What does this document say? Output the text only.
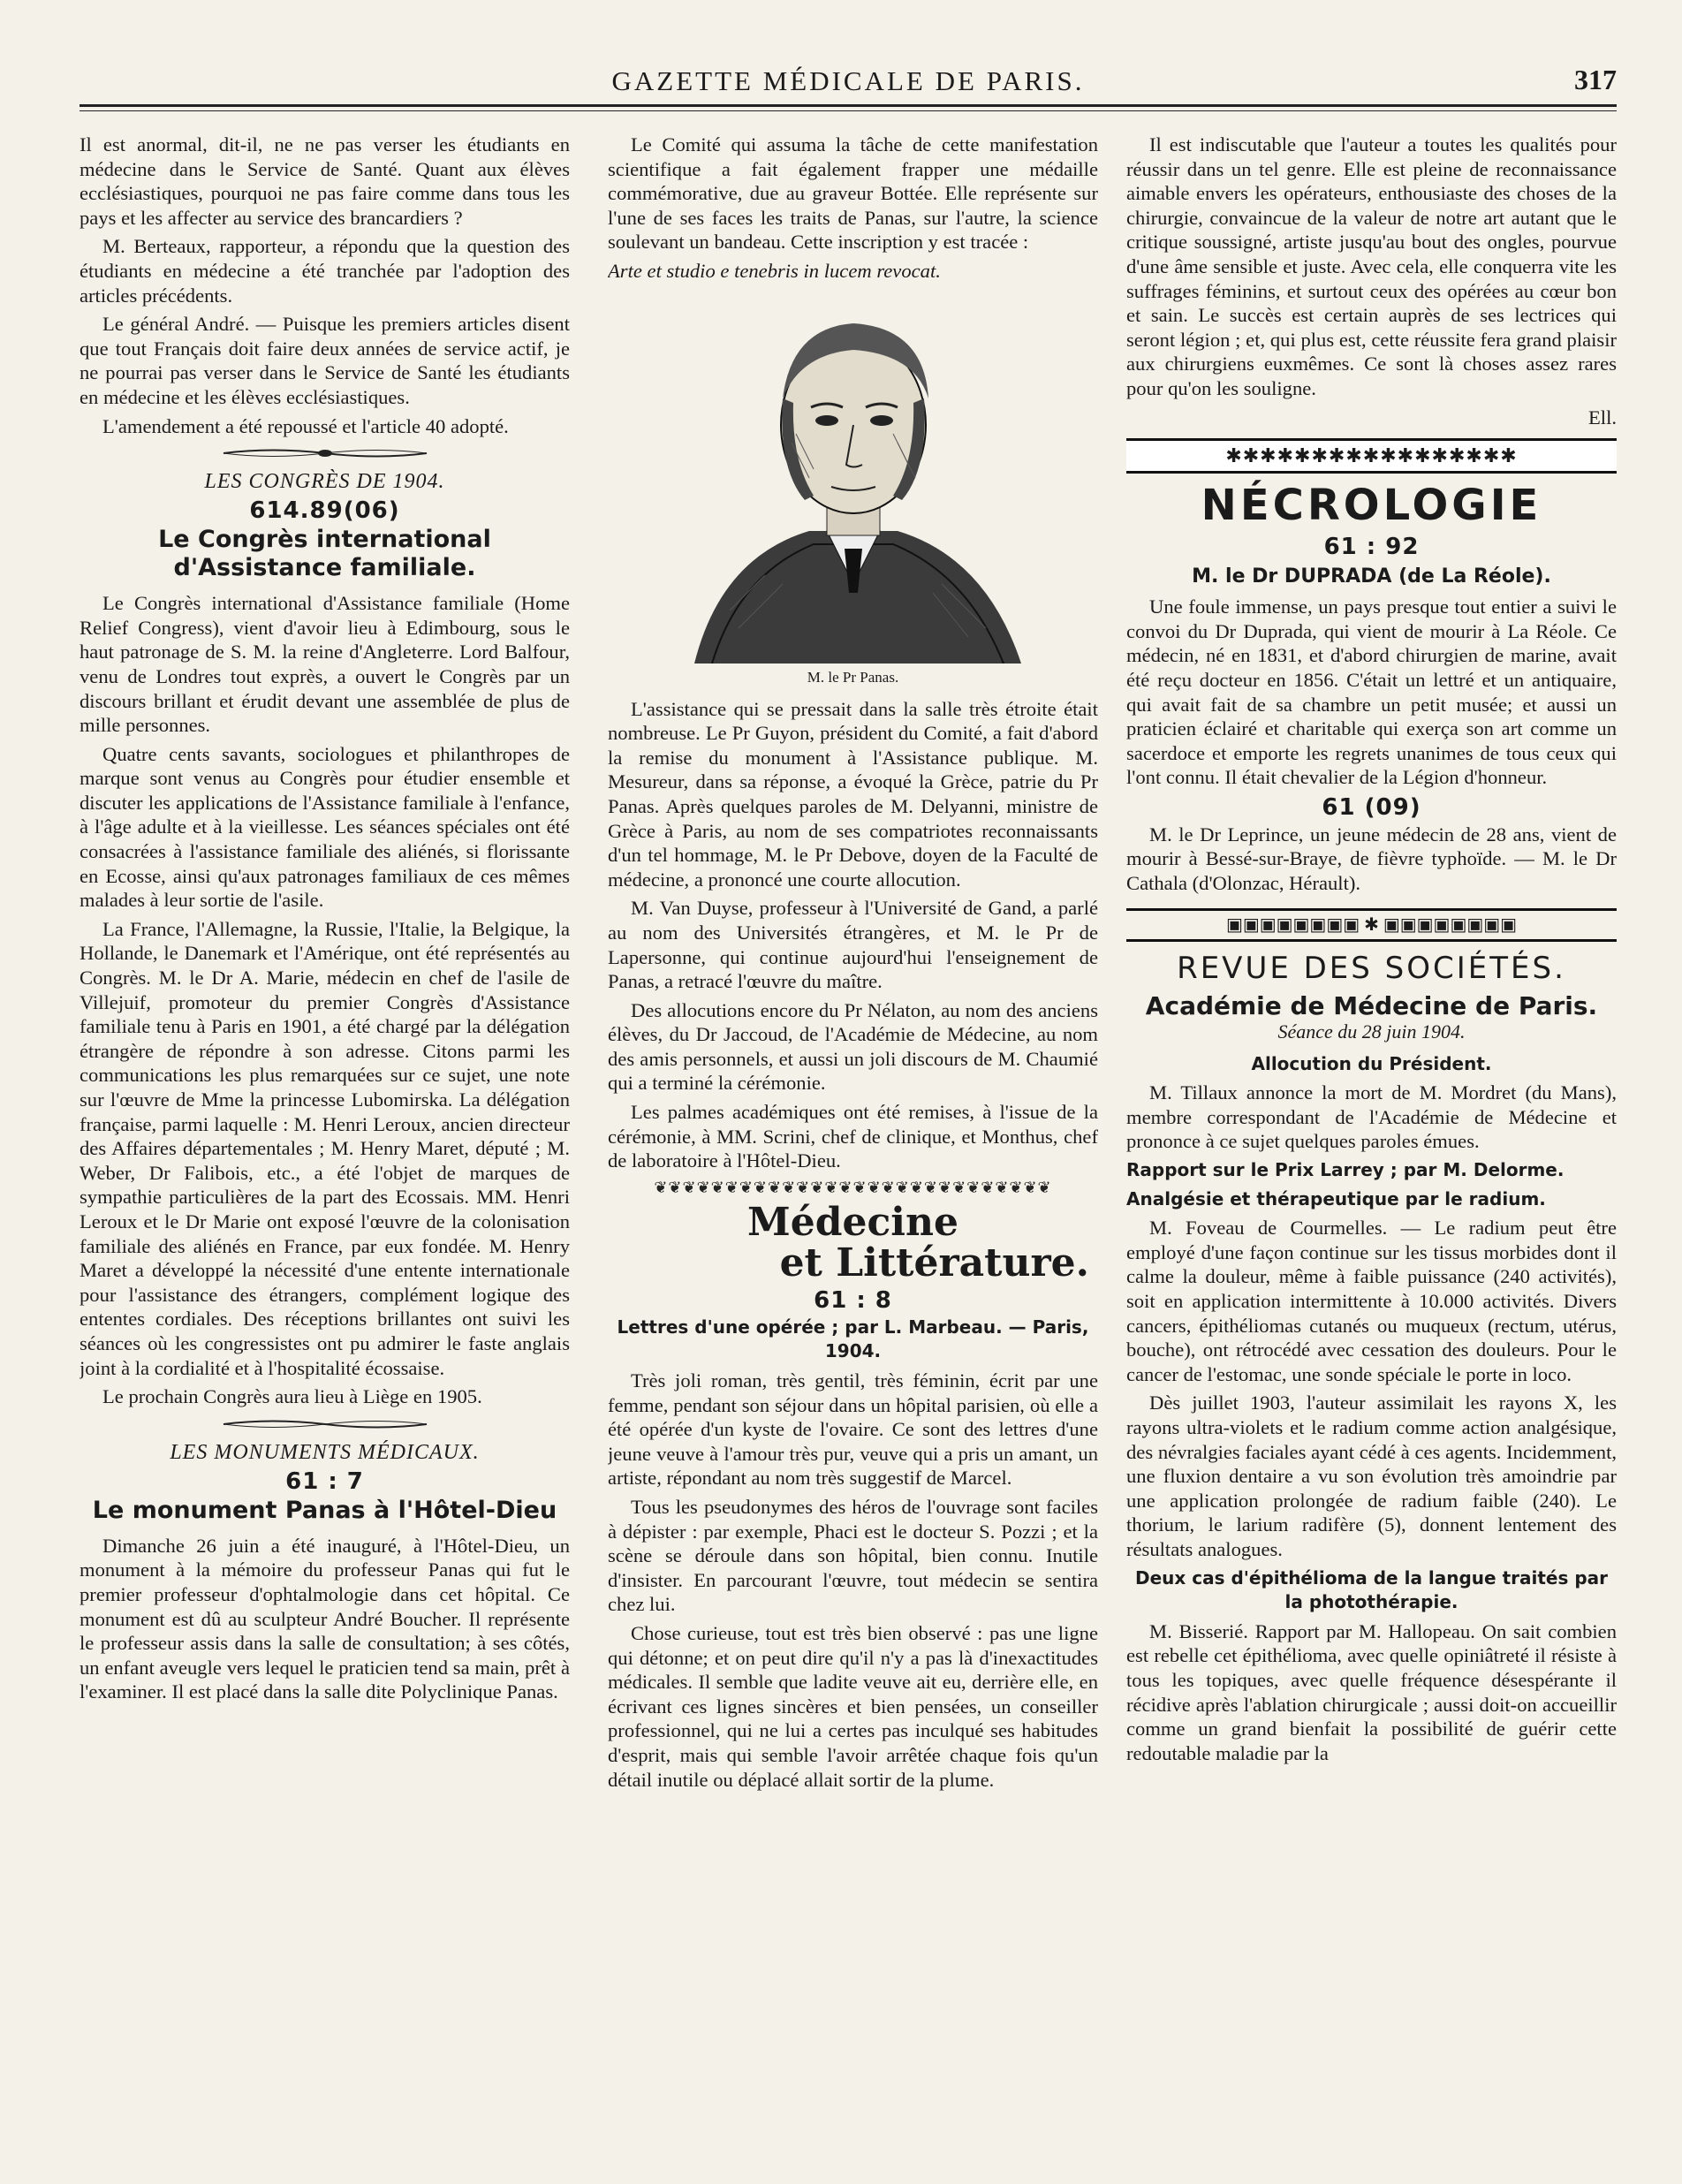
GAZETTE MÉDICALE DE PARIS.	317

Il est anormal, dit-il, ne ne pas verser les étudiants en médecine dans le Service de Santé. Quant aux élèves ecclésiastiques, pourquoi ne pas faire comme dans tous les pays et les affecter au service des brancardiers ?

M. Berteaux, rapporteur, a répondu que la question des étudiants en médecine a été tranchée par l'adoption des articles précédents.

Le général André. — Puisque les premiers articles disent que tout Français doit faire deux années de service actif, je ne pourrai pas verser dans le Service de Santé les étudiants en médecine et les élèves ecclésiastiques.

L'amendement a été repoussé et l'article 40 adopté.

LES CONGRÈS DE 1904.
614.89(06)
Le Congrès international d'Assistance familiale.

Le Congrès international d'Assistance familiale (Home Relief Congress), vient d'avoir lieu à Edimbourg, sous le haut patronage de S. M. la reine d'Angleterre. Lord Balfour, venu de Londres tout exprès, a ouvert le Congrès par un discours brillant et érudit devant une assemblée de plus de mille personnes.

Quatre cents savants, sociologues et philanthropes de marque sont venus au Congrès pour étudier ensemble et discuter les applications de l'Assistance familiale à l'enfance, à l'âge adulte et à la vieillesse. Les séances spéciales ont été consacrées à l'assistance familiale des aliénés, si florissante en Ecosse, ainsi qu'aux patronages familiaux de ces mêmes malades à leur sortie de l'asile.

La France, l'Allemagne, la Russie, l'Italie, la Belgique, la Hollande, le Danemark et l'Amérique, ont été représentés au Congrès. M. le Dr A. Marie, médecin en chef de l'asile de Villejuif, promoteur du premier Congrès d'Assistance familiale tenu à Paris en 1901, a été chargé par la délégation étrangère de répondre à son adresse. Citons parmi les communications les plus remarquées sur ce sujet, une note sur l'œuvre de Mme la princesse Lubomirska. La délégation française, parmi laquelle : M. Henri Leroux, ancien directeur des Affaires départementales ; M. Henry Maret, député ; M. Weber, Dr Falibois, etc., a été l'objet de marques de sympathie particulières de la part des Ecossais. MM. Henri Leroux et le Dr Marie ont exposé l'œuvre de la colonisation familiale des aliénés en France, par eux fondée. M. Henry Maret a développé la nécessité d'une entente internationale pour l'assistance des étrangers, complément logique des ententes cordiales. Des réceptions brillantes ont suivi les séances où les congressistes ont pu admirer le faste anglais joint à la cordialité et à l'hospitalité écossaise.

Le prochain Congrès aura lieu à Liège en 1905.

LES MONUMENTS MÉDICAUX.
61 : 7
Le monument Panas à l'Hôtel-Dieu

Dimanche 26 juin a été inauguré, à l'Hôtel-Dieu, un monument à la mémoire du professeur Panas qui fut le premier professeur d'ophtalmologie dans cet hôpital. Ce monument est dû au sculpteur André Boucher. Il représente le professeur assis dans la salle de consultation; à ses côtés, un enfant aveugle vers lequel le praticien tend sa main, prêt à l'examiner. Il est placé dans la salle dite Polyclinique Panas.

Le Comité qui assuma la tâche de cette manifestation scientifique a fait également frapper une médaille commémorative, due au graveur Bottée. Elle représente sur l'une de ses faces les traits de Panas, sur l'autre, la science soulevant un bandeau. Cette inscription y est tracée :

Arte et studio e tenebris in lucem revocat.

M. le Pr Panas.

L'assistance qui se pressait dans la salle très étroite était nombreuse. Le Pr Guyon, président du Comité, a fait d'abord la remise du monument à l'Assistance publique. M. Mesureur, dans sa réponse, a évoqué la Grèce, patrie du Pr Panas. Après quelques paroles de M. Delyanni, ministre de Grèce à Paris, au nom de ses compatriotes reconnaissants d'un tel hommage, M. le Pr Debove, doyen de la Faculté de médecine, a prononcé une courte allocution.

M. Van Duyse, professeur à l'Université de Gand, a parlé au nom des Universités étrangères, et M. le Pr de Lapersonne, qui continue aujourd'hui l'enseignement de Panas, a retracé l'œuvre du maître.

Des allocutions encore du Pr Nélaton, au nom des anciens élèves, du Dr Jaccoud, de l'Académie de Médecine, au nom des amis personnels, et aussi un joli discours de M. Chaumié qui a terminé la cérémonie.

Les palmes académiques ont été remises, à l'issue de la cérémonie, à MM. Scrini, chef de clinique, et Monthus, chef de laboratoire à l'Hôtel-Dieu.

❦❦❦❦❦❦❦❦❦❦❦❦❦❦❦❦❦❦❦❦❦❦❦❦❦❦❦❦
Médecine
et Littérature.
61 : 8

Lettres d'une opérée ; par L. Marbeau. — Paris, 1904.

Très joli roman, très gentil, très féminin, écrit par une femme, pendant son séjour dans un hôpital parisien, où elle a été opérée d'un kyste de l'ovaire. Ce sont des lettres d'une jeune veuve à l'amour très pur, veuve qui a pris un amant, un artiste, répondant au nom très suggestif de Marcel.

Tous les pseudonymes des héros de l'ouvrage sont faciles à dépister : par exemple, Phaci est le docteur S. Pozzi ; et la scène se déroule dans son hôpital, bien connu. Inutile d'insister. En parcourant l'œuvre, tout médecin se sentira chez lui.

Chose curieuse, tout est très bien observé : pas une ligne qui détonne; et on peut dire qu'il n'y a pas là d'inexactitudes médicales. Il semble que ladite veuve ait eu, derrière elle, en écrivant ces lignes sincères et bien pensées, un conseiller professionnel, qui ne lui a certes pas inculqué ses habitudes d'esprit, mais qui semble l'avoir arrêtée chaque fois qu'un détail inutile ou déplacé allait sortir de la plume.

Il est indiscutable que l'auteur a toutes les qualités pour réussir dans un tel genre. Elle est pleine de reconnaissance aimable envers les opérateurs, enthousiaste des choses de la chirurgie, convaincue de la valeur de notre art autant que le critique soussigné, artiste jusqu'au bout des ongles, pourvue d'une âme sensible et juste. Avec cela, elle conquerra vite les suffrages féminins, et surtout ceux des opérées au cœur bon et sain. Le succès est certain auprès de ses lectrices qui seront légion ; et, qui plus est, cette réussite fera grand plaisir aux chirurgiens euxmêmes. Ce sont là choses assez rares pour qu'on les souligne.

Ell.

✱✱✱✱✱✱✱✱✱✱✱✱✱✱✱✱✱
NÉCROLOGIE
61 : 92
M. le Dr DUPRADA (de La Réole).

Une foule immense, un pays presque tout entier a suivi le convoi du Dr Duprada, qui vient de mourir à La Réole. Ce médecin, né en 1831, et d'abord chirurgien de marine, avait été reçu docteur en 1856. C'était un lettré et un antiquaire, qui avait fait de sa chambre un petit musée; et aussi un praticien éclairé et charitable qui exerça son art comme un sacerdoce et emporte les regrets unanimes de tous ceux qui l'ont connu. Il était chevalier de la Légion d'honneur.

61 (09)

M. le Dr Leprince, un jeune médecin de 28 ans, vient de mourir à Bessé-sur-Braye, de fièvre typhoïde. — M. le Dr Cathala (d'Olonzac, Hérault).

▣▣▣▣▣▣▣▣ ✱ ▣▣▣▣▣▣▣▣
REVUE DES SOCIÉTÉS.
Académie de Médecine de Paris.
Séance du 28 juin 1904.

Allocution du Président.

M. Tillaux annonce la mort de M. Mordret (du Mans), membre correspondant de l'Académie de Médecine et prononce à ce sujet quelques paroles émues.

Rapport sur le Prix Larrey ; par M. Delorme.

Analgésie et thérapeutique par le radium.

M. Foveau de Courmelles. — Le radium peut être employé d'une façon continue sur les tissus morbides dont il calme la douleur, même à faible puissance (240 activités), soit en application intermittente à 10.000 activités. Divers cancers, épithéliomas cutanés ou muqueux (rectum, utérus, bouche), ont rétrocédé avec cessation des douleurs. Pour le cancer de l'estomac, une sonde spéciale le porte in loco.

Dès juillet 1903, l'auteur assimilait les rayons X, les rayons ultra-violets et le radium comme action analgésique, des névralgies faciales ayant cédé à ces agents. Incidemment, une fluxion dentaire a vu son évolution très amoindrie par une application prolongée de radium faible (240). Le thorium, le larium radifère (5), donnent lentement des résultats analogues.

Deux cas d'épithélioma de la langue traités par la photothérapie.

M. Bisserié. Rapport par M. Hallopeau. On sait combien est rebelle cet épithélioma, avec quelle opiniâtreté il résiste à tous les topiques, avec quelle fréquence désespérante il récidive après l'ablation chirurgicale ; aussi doit-on accueillir comme un grand bienfait la possibilité de guérir cette redoutable maladie par la
